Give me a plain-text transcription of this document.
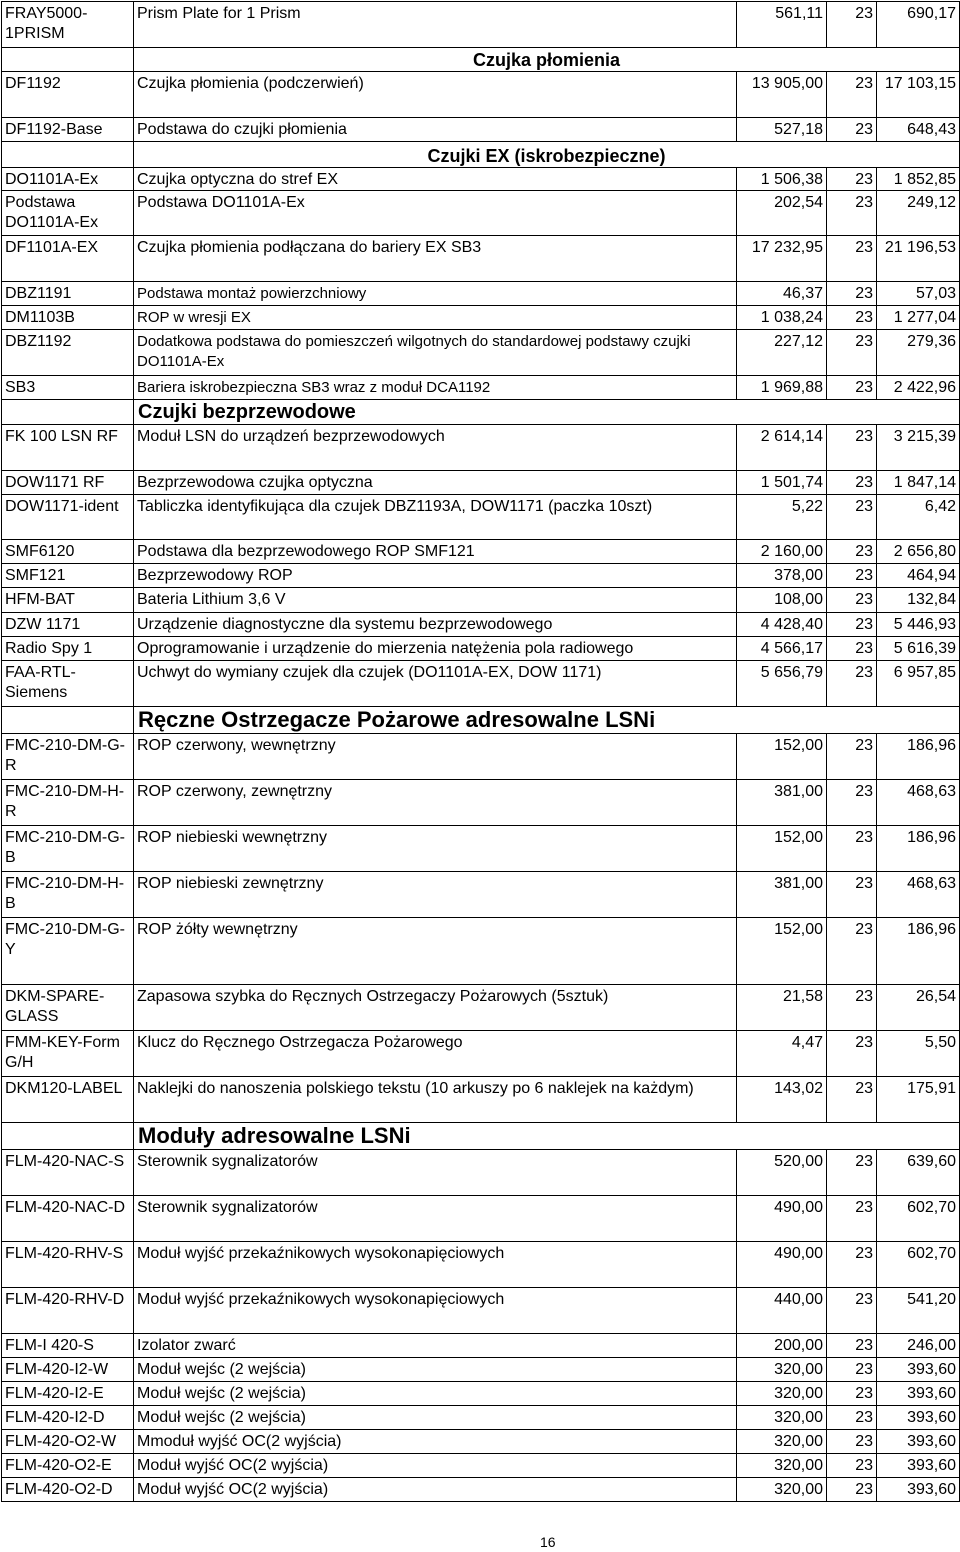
FRAY5000-1PRISM	Prism Plate for 1 Prism	561,11	23	690,17
	Czujka płomienia			
DF1192	Czujka płomienia (podczerwień)	13 905,00	23	17 103,15
DF1192-Base	Podstawa do czujki płomienia	527,18	23	648,43
	Czujki EX (iskrobezpieczne)			
DO1101A-Ex	Czujka optyczna do stref EX	1 506,38	23	1 852,85
Podstawa DO1101A-Ex	Podstawa DO1101A-Ex	202,54	23	249,12
DF1101A-EX	Czujka płomienia podłączana do bariery EX SB3	17 232,95	23	21 196,53
DBZ1191	Podstawa montaż powierzchniowy	46,37	23	57,03
DM1103B	ROP w wresji EX	1 038,24	23	1 277,04
DBZ1192	Dodatkowa podstawa do pomieszczeń wilgotnych do standardowej podstawy czujki DO1101A-Ex	227,12	23	279,36
SB3	Bariera iskrobezpieczna SB3 wraz z moduł DCA1192	1 969,88	23	2 422,96
	Czujki bezprzewodowe			
FK 100 LSN RF	Moduł LSN do urządzeń bezprzewodowych	2 614,14	23	3 215,39
DOW1171 RF	Bezprzewodowa czujka optyczna	1 501,74	23	1 847,14
DOW1171-ident	Tabliczka identyfikująca dla czujek DBZ1193A, DOW1171 (paczka 10szt)	5,22	23	6,42
SMF6120	Podstawa dla bezprzewodowego ROP SMF121	2 160,00	23	2 656,80
SMF121	Bezprzewodowy ROP	378,00	23	464,94
HFM-BAT	Bateria Lithium 3,6 V	108,00	23	132,84
DZW 1171	Urządzenie diagnostyczne dla systemu bezprzewodowego	4 428,40	23	5 446,93
Radio Spy 1	Oprogramowanie i urządzenie do mierzenia natężenia pola radiowego	4 566,17	23	5 616,39
FAA-RTL-Siemens	Uchwyt do wymiany czujek dla czujek (DO1101A-EX, DOW 1171)	5 656,79	23	6 957,85
	Ręczne Ostrzegacze Pożarowe adresowalne LSNi			
FMC-210-DM-G-R	ROP czerwony, wewnętrzny	152,00	23	186,96
FMC-210-DM-H-R	ROP czerwony, zewnętrzny	381,00	23	468,63
FMC-210-DM-G-B	ROP niebieski wewnętrzny	152,00	23	186,96
FMC-210-DM-H-B	ROP niebieski zewnętrzny	381,00	23	468,63
FMC-210-DM-G-Y	ROP żółty wewnętrzny	152,00	23	186,96
DKM-SPARE-GLASS	Zapasowa szybka do Ręcznych Ostrzegaczy Pożarowych (5sztuk)	21,58	23	26,54
FMM-KEY-Form G/H	Klucz do Ręcznego Ostrzegacza Pożarowego	4,47	23	5,50
DKM120-LABEL	Naklejki do nanoszenia polskiego tekstu (10 arkuszy po 6 naklejek na każdym)	143,02	23	175,91
	Moduły adresowalne LSNi			
FLM-420-NAC-S	Sterownik sygnalizatorów	520,00	23	639,60
FLM-420-NAC-D	Sterownik sygnalizatorów	490,00	23	602,70
FLM-420-RHV-S	Moduł wyjść przekaźnikowych wysokonapięciowych	490,00	23	602,70
FLM-420-RHV-D	Moduł wyjść przekaźnikowych wysokonapięciowych	440,00	23	541,20
FLM-I 420-S	Izolator zwarć	200,00	23	246,00
FLM-420-I2-W	Moduł wejśc (2 wejścia)	320,00	23	393,60
FLM-420-I2-E	Moduł wejśc (2 wejścia)	320,00	23	393,60
FLM-420-I2-D	Moduł wejśc (2 wejścia)	320,00	23	393,60
FLM-420-O2-W	Mmoduł wyjść OC(2 wyjścia)	320,00	23	393,60
FLM-420-O2-E	Moduł wyjść OC(2 wyjścia)	320,00	23	393,60
FLM-420-O2-D	Moduł wyjść OC(2 wyjścia)	320,00	23	393,60
16
